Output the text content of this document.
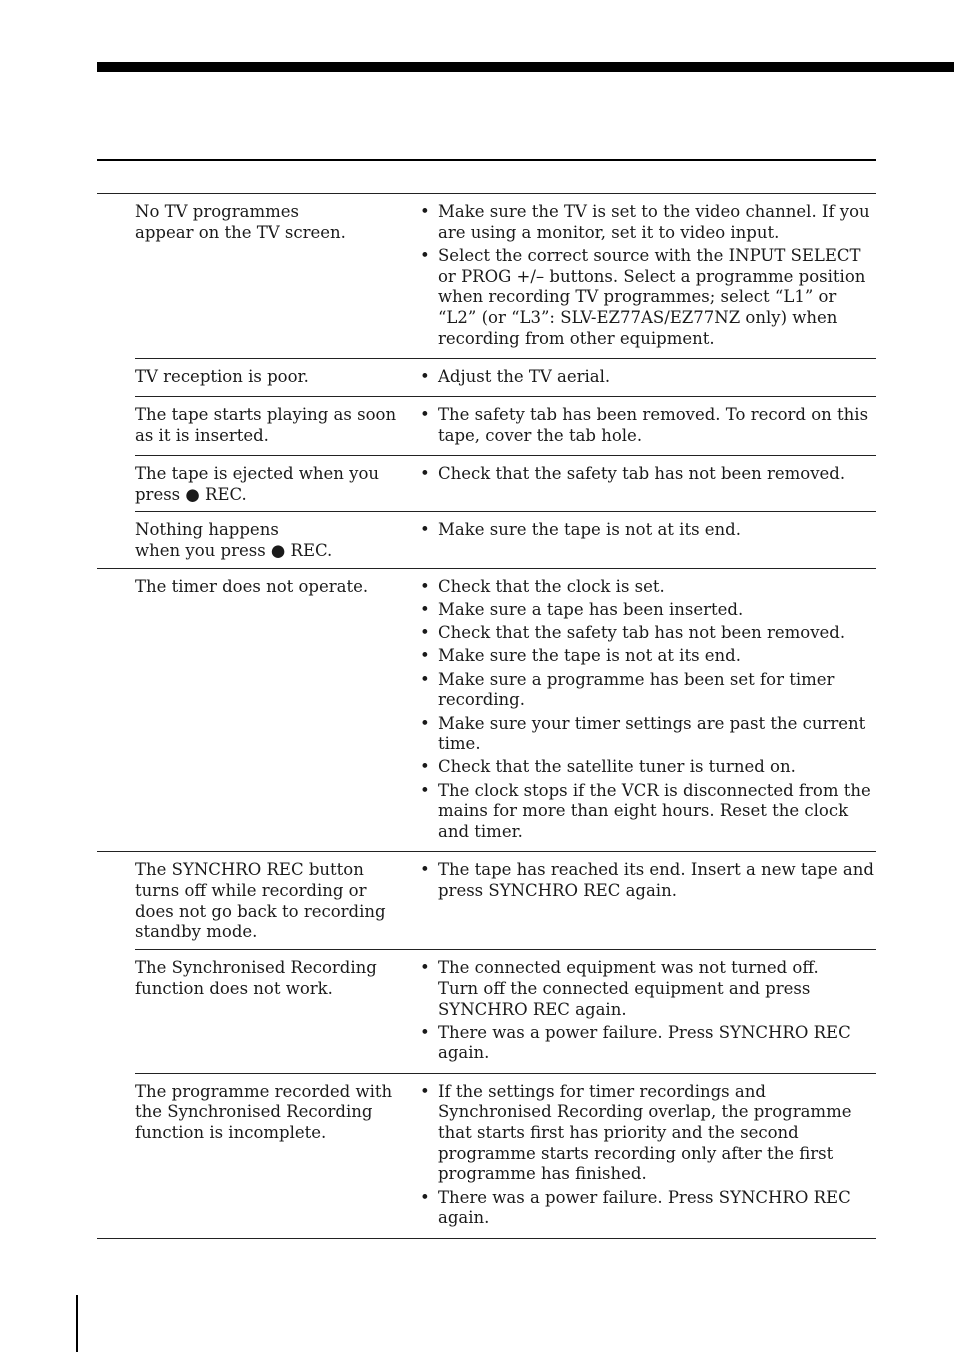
No TV programmes
appear on the TV screen.
• Make sure the TV is set to the video channel. If you are using a monitor, set it to video input.
• Select the correct source with the INPUT SELECT or PROG +/– buttons. Select a programme position when recording TV programmes; select “L1” or “L2” (or “L3”: SLV-EZ77AS/EZ77NZ only) when recording from other equipment.
TV reception is poor.	• Adjust the TV aerial.
The tape starts playing as soon as it is inserted.
• The safety tab has been removed. To record on this tape, cover the tab hole.
The tape is ejected when you press ● REC.
• Check that the safety tab has not been removed.
Nothing happens
when you press ● REC.
• Make sure the tape is not at its end.
The timer does not operate.	• Check that the clock is set.
• Make sure a tape has been inserted.
• Check that the safety tab has not been removed.
• Make sure the tape is not at its end.
• Make sure a programme has been set for timer recording.
• Make sure your timer settings are past the current time.
• Check that the satellite tuner is turned on.
• The clock stops if the VCR is disconnected from the mains for more than eight hours. Reset the clock and timer.
The SYNCHRO REC button turns off while recording or does not go back to recording standby mode.
• The tape has reached its end. Insert a new tape and press SYNCHRO REC again.
The Synchronised Recording function does not work.
• The connected equipment was not turned off.
Turn off the connected equipment and press SYNCHRO REC again.
• There was a power failure. Press SYNCHRO REC again.
The programme recorded with the Synchronised Recording function is incomplete.
• If the settings for timer recordings and Synchronised Recording overlap, the programme that starts first has priority and the second programme starts recording only after the first programme has finished.
• There was a power failure. Press SYNCHRO REC again.
